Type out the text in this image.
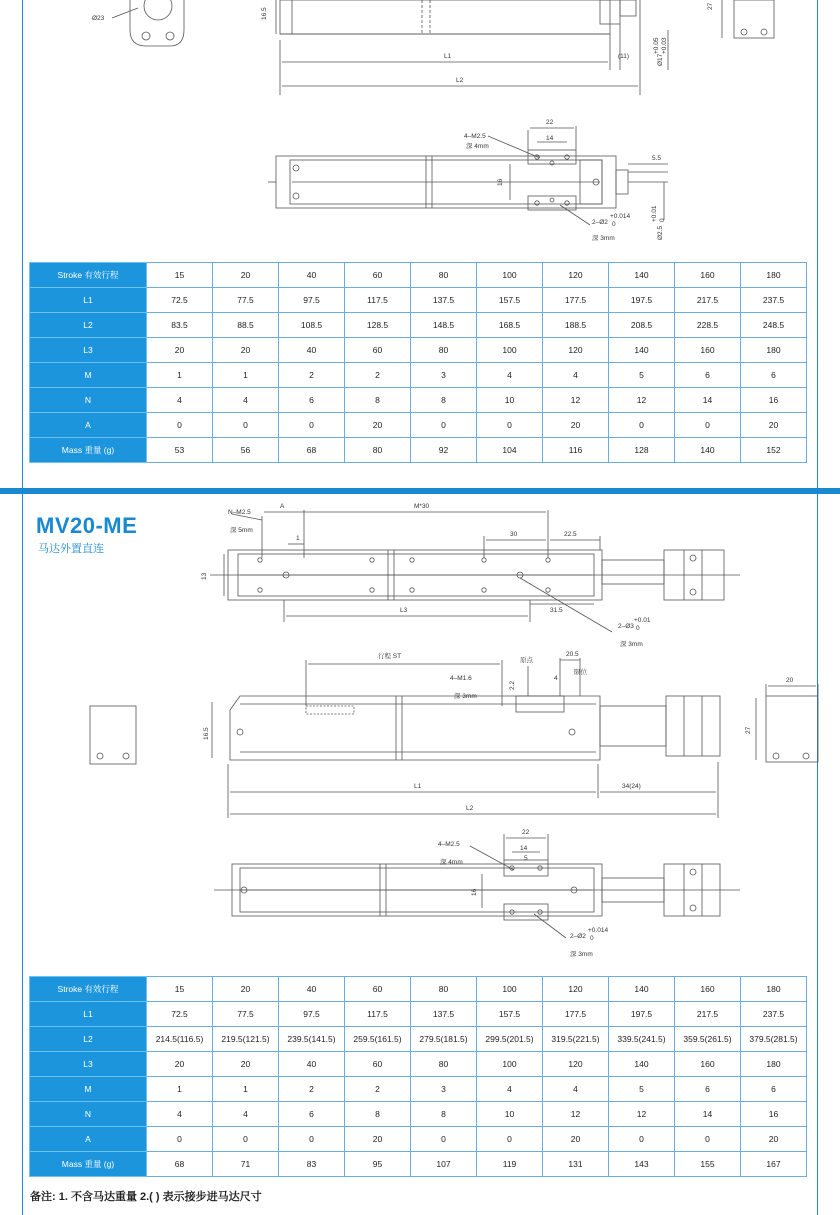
Ø23	16.5
27
L1
L2
(11)	Ø17
+0.05 +0.03
4–M2.5
深 4mm
22
14
16
5.5
2–Ø2
+0.014
0
深 3mm	Ø2.5
+0.01 0
Stroke 有效行程	15	20	40	60	80	100	120	140	160	180
L1	72.5	77.5	97.5	117.5	137.5	157.5	177.5	197.5	217.5	237.5
L2	83.5	88.5	108.5	128.5	148.5	168.5	188.5	208.5	228.5	248.5
L3	20	20	40	60	80	100	120	140	160	180
M	1	1	2	2	3	4	4	5	6	6
N	4	4	6	8	8	10	12	12	14	16
A	0	0	0	20	0	0	20	0	0	20
Mass 重量 (g)	53	56	68	80	92	104	116	128	140	152
MV20-ME
马达外置直连
N–M2.5
深 5mm
A	M*30
1
30	22.5
13
L3	31.5
2–Ø3
+0.01
0
深 3mm
行程 ST
4–M1.6
2.2
深 3mm
原点
20.5
4
限位
20
27
16.5
L1	34(24)
L2
4–M2.5
深 4mm
22
14
5
16
2–Ø2
+0.014
0
深 3mm
Stroke 有效行程	15	20	40	60	80	100	120	140	160	180
L1	72.5	77.5	97.5	117.5	137.5	157.5	177.5	197.5	217.5	237.5
L2	214.5(116.5)	219.5(121.5)	239.5(141.5)	259.5(161.5)	279.5(181.5)	299.5(201.5)	319.5(221.5)	339.5(241.5)	359.5(261.5)	379.5(281.5)
L3	20	20	40	60	80	100	120	140	160	180
M	1	1	2	2	3	4	4	5	6	6
N	4	4	6	8	8	10	12	12	14	16
A	0	0	0	20	0	0	20	0	0	20
Mass 重量 (g)	68	71	83	95	107	119	131	143	155	167
备注: 1. 不含马达重量 2.( ) 表示接步进马达尺寸
